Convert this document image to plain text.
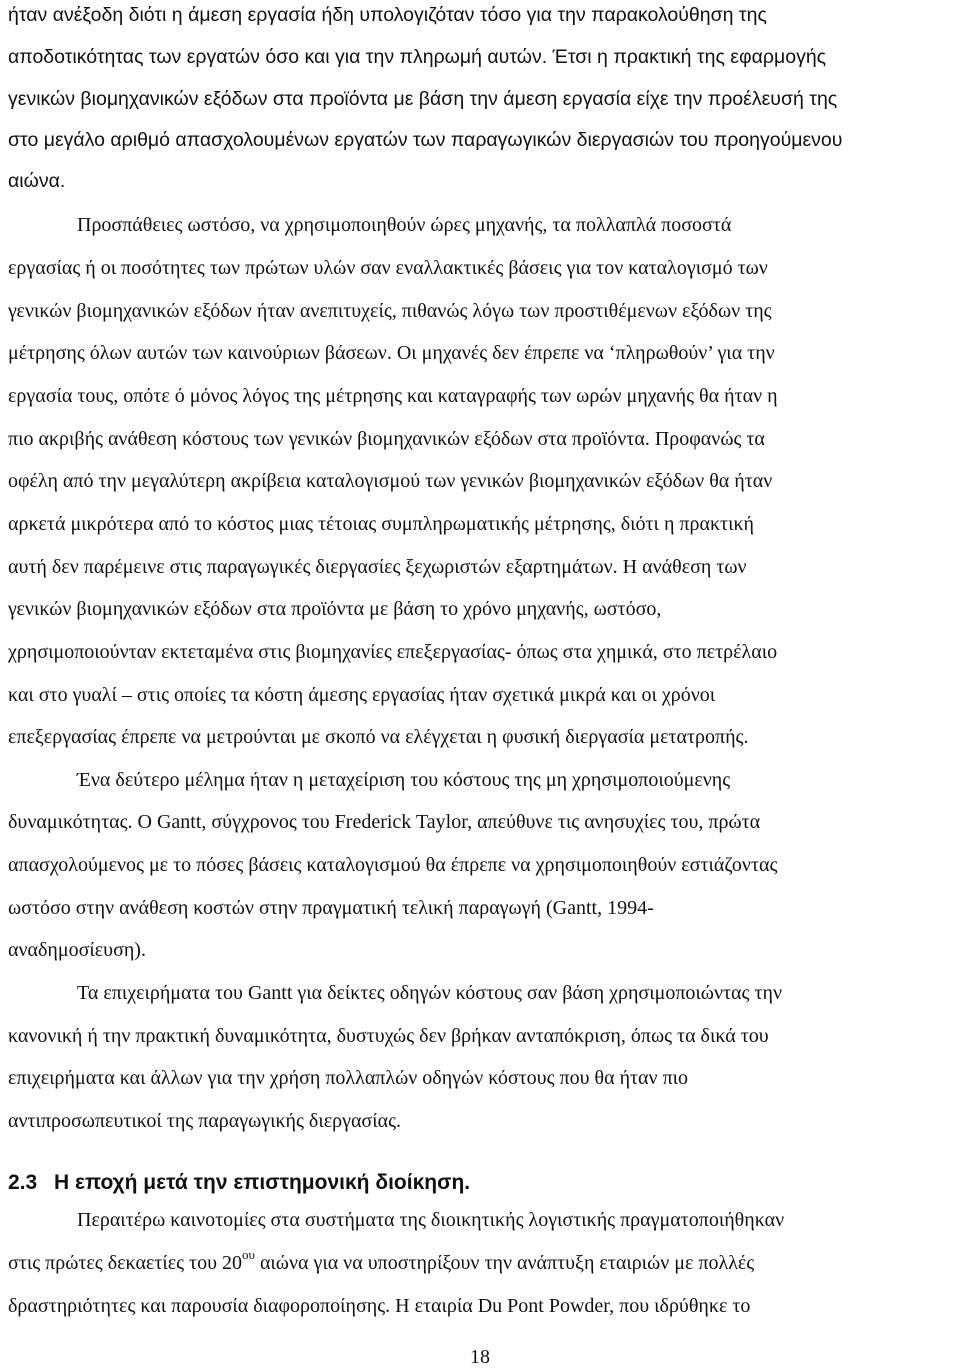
ήταν ανέξοδη διότι η άμεση εργασία ήδη υπολογιζόταν τόσο για την παρακολούθηση της
αποδοτικότητας των εργατών όσο και για την πληρωμή αυτών. Έτσι η πρακτική της εφαρμογής
γενικών βιομηχανικών εξόδων στα προϊόντα με βάση την άμεση εργασία είχε την προέλευσή της
στο μεγάλο αριθμό απασχολουμένων εργατών των παραγωγικών διεργασιών του προηγούμενου
αιώνα.
Προσπάθειες ωστόσο, να χρησιμοποιηθούν ώρες μηχανής, τα πολλαπλά ποσοστά
εργασίας ή οι ποσότητες των πρώτων υλών σαν εναλλακτικές βάσεις για τον καταλογισμό των
γενικών βιομηχανικών εξόδων ήταν ανεπιτυχείς, πιθανώς λόγω των προστιθέμενων εξόδων της
μέτρησης όλων αυτών των καινούριων βάσεων. Οι μηχανές δεν έπρεπε να ‘πληρωθούν’ για την
εργασία τους, οπότε ό μόνος λόγος της μέτρησης και καταγραφής των ωρών μηχανής θα ήταν η
πιο ακριβής ανάθεση κόστους των γενικών βιομηχανικών εξόδων στα προϊόντα. Προφανώς τα
οφέλη από την μεγαλύτερη ακρίβεια καταλογισμού των γενικών βιομηχανικών εξόδων θα ήταν
αρκετά μικρότερα από το κόστος μιας τέτοιας συμπληρωματικής μέτρησης, διότι η πρακτική
αυτή δεν παρέμεινε στις παραγωγικές διεργασίες ξεχωριστών εξαρτημάτων. Η ανάθεση των
γενικών βιομηχανικών εξόδων στα προϊόντα με βάση το χρόνο μηχανής, ωστόσο,
χρησιμοποιούνταν εκτεταμένα στις βιομηχανίες επεξεργασίας- όπως στα χημικά, στο πετρέλαιο
και στο γυαλί – στις οποίες τα κόστη άμεσης εργασίας ήταν σχετικά μικρά και οι χρόνοι
επεξεργασίας έπρεπε να μετρούνται με σκοπό να ελέγχεται η φυσική διεργασία μετατροπής.
Ένα δεύτερο μέλημα ήταν η μεταχείριση του κόστους της μη χρησιμοποιούμενης
δυναμικότητας. Ο Gantt, σύγχρονος του Frederick Taylor, απεύθυνε τις ανησυχίες του, πρώτα
απασχολούμενος με το πόσες βάσεις καταλογισμού θα έπρεπε να χρησιμοποιηθούν εστιάζοντας
ωστόσο στην ανάθεση κοστών στην πραγματική τελική παραγωγή (Gantt, 1994-
αναδημοσίευση).
Τα επιχειρήματα του Gantt για δείκτες οδηγών κόστους σαν βάση χρησιμοποιώντας την
κανονική ή την πρακτική δυναμικότητα, δυστυχώς δεν βρήκαν ανταπόκριση, όπως τα δικά του
επιχειρήματα και άλλων για την χρήση πολλαπλών οδηγών κόστους που θα ήταν πιο
αντιπροσωπευτικοί της παραγωγικής διεργασίας.
2.3 Η εποχή μετά την επιστημονική διοίκηση.
Περαιτέρω καινοτομίες στα συστήματα της διοικητικής λογιστικής πραγματοποιήθηκαν
στις πρώτες δεκαετίες του $20^{o\upsilon}$ αιώνα για να υποστηρίξουν την ανάπτυξη εταιριών με πολλές
δραστηριότητες και παρουσία διαφοροποίησης. Η εταιρία Du Pont Powder, που ιδρύθηκε το
18
